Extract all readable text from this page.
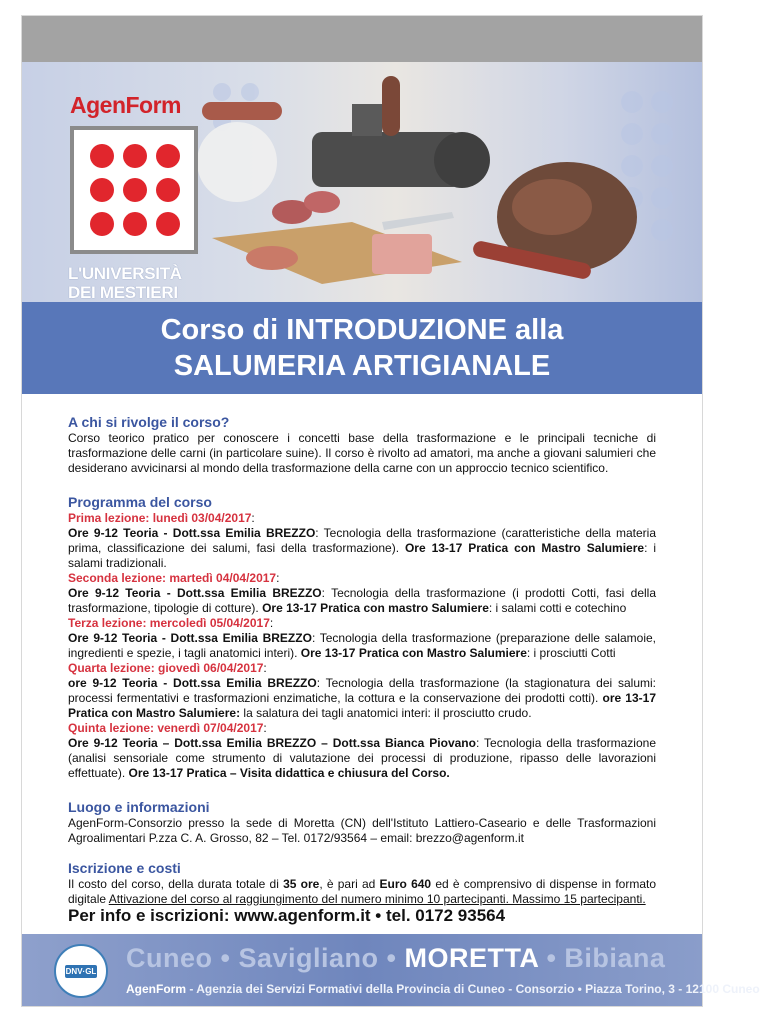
AgenForm
L'UNIVERSITÀ
DEI MESTIERI
Corso di INTRODUZIONE alla
SALUMERIA ARTIGIANALE
A chi si rivolge il corso?
Corso teorico pratico per conoscere i concetti base della trasformazione e le principali tecniche di trasformazione delle carni (in particolare suine). Il corso è rivolto ad amatori, ma anche a giovani salumieri che desiderano avvicinarsi al mondo della trasformazione della carne con un approccio tecnico scientifico.
Programma del corso
Prima lezione: lunedì 03/04/2017:
Ore 9-12 Teoria - Dott.ssa Emilia BREZZO: Tecnologia della trasformazione (caratteristiche della materia prima, classificazione dei salumi, fasi della trasformazione). Ore 13-17 Pratica con Mastro Salumiere: i salami tradizionali.
Seconda lezione: martedì 04/04/2017:
Ore 9-12 Teoria - Dott.ssa Emilia BREZZO: Tecnologia della trasformazione (i prodotti Cotti, fasi della trasformazione, tipologie di cotture). Ore 13-17 Pratica con mastro Salumiere: i salami cotti e cotechino
Terza lezione: mercoledì 05/04/2017:
Ore 9-12 Teoria - Dott.ssa Emilia BREZZO: Tecnologia della trasformazione (preparazione delle salamoie, ingredienti e spezie, i tagli anatomici interi). Ore 13-17 Pratica con Mastro Salumiere: i prosciutti Cotti
Quarta lezione: giovedì 06/04/2017:
ore 9-12 Teoria - Dott.ssa Emilia BREZZO: Tecnologia della trasformazione (la stagionatura dei salumi: processi fermentativi e trasformazioni enzimatiche, la cottura e la conservazione dei prodotti cotti). ore 13-17 Pratica con Mastro Salumiere: la salatura dei tagli anatomici interi: il prosciutto crudo.
Quinta lezione: venerdì 07/04/2017:
Ore 9-12 Teoria – Dott.ssa Emilia BREZZO – Dott.ssa Bianca Piovano: Tecnologia della trasformazione (analisi sensoriale come strumento di valutazione dei processi di produzione, ripasso delle lavorazioni effettuate). Ore 13-17 Pratica – Visita didattica e chiusura del Corso.
Luogo e informazioni
AgenForm-Consorzio presso la sede di Moretta (CN) dell'Istituto Lattiero-Caseario e delle Trasformazioni Agroalimentari P.zza C. A. Grosso, 82 – Tel. 0172/93564 – email: brezzo@agenform.it
Iscrizione e costi
Il costo del corso, della durata totale di 35 ore, è pari ad Euro 640 ed è comprensivo di dispense in formato digitale Attivazione del corso al raggiungimento del numero minimo 10 partecipanti. Massimo 15 partecipanti.
Per info e iscrizioni: www.agenform.it • tel. 0172 93564
DNV·GL Cuneo • Savigliano • MORETTA • Bibiana
AgenForm - Agenzia dei Servizi Formativi della Provincia di Cuneo - Consorzio • Piazza Torino, 3 - 12100 Cuneo
